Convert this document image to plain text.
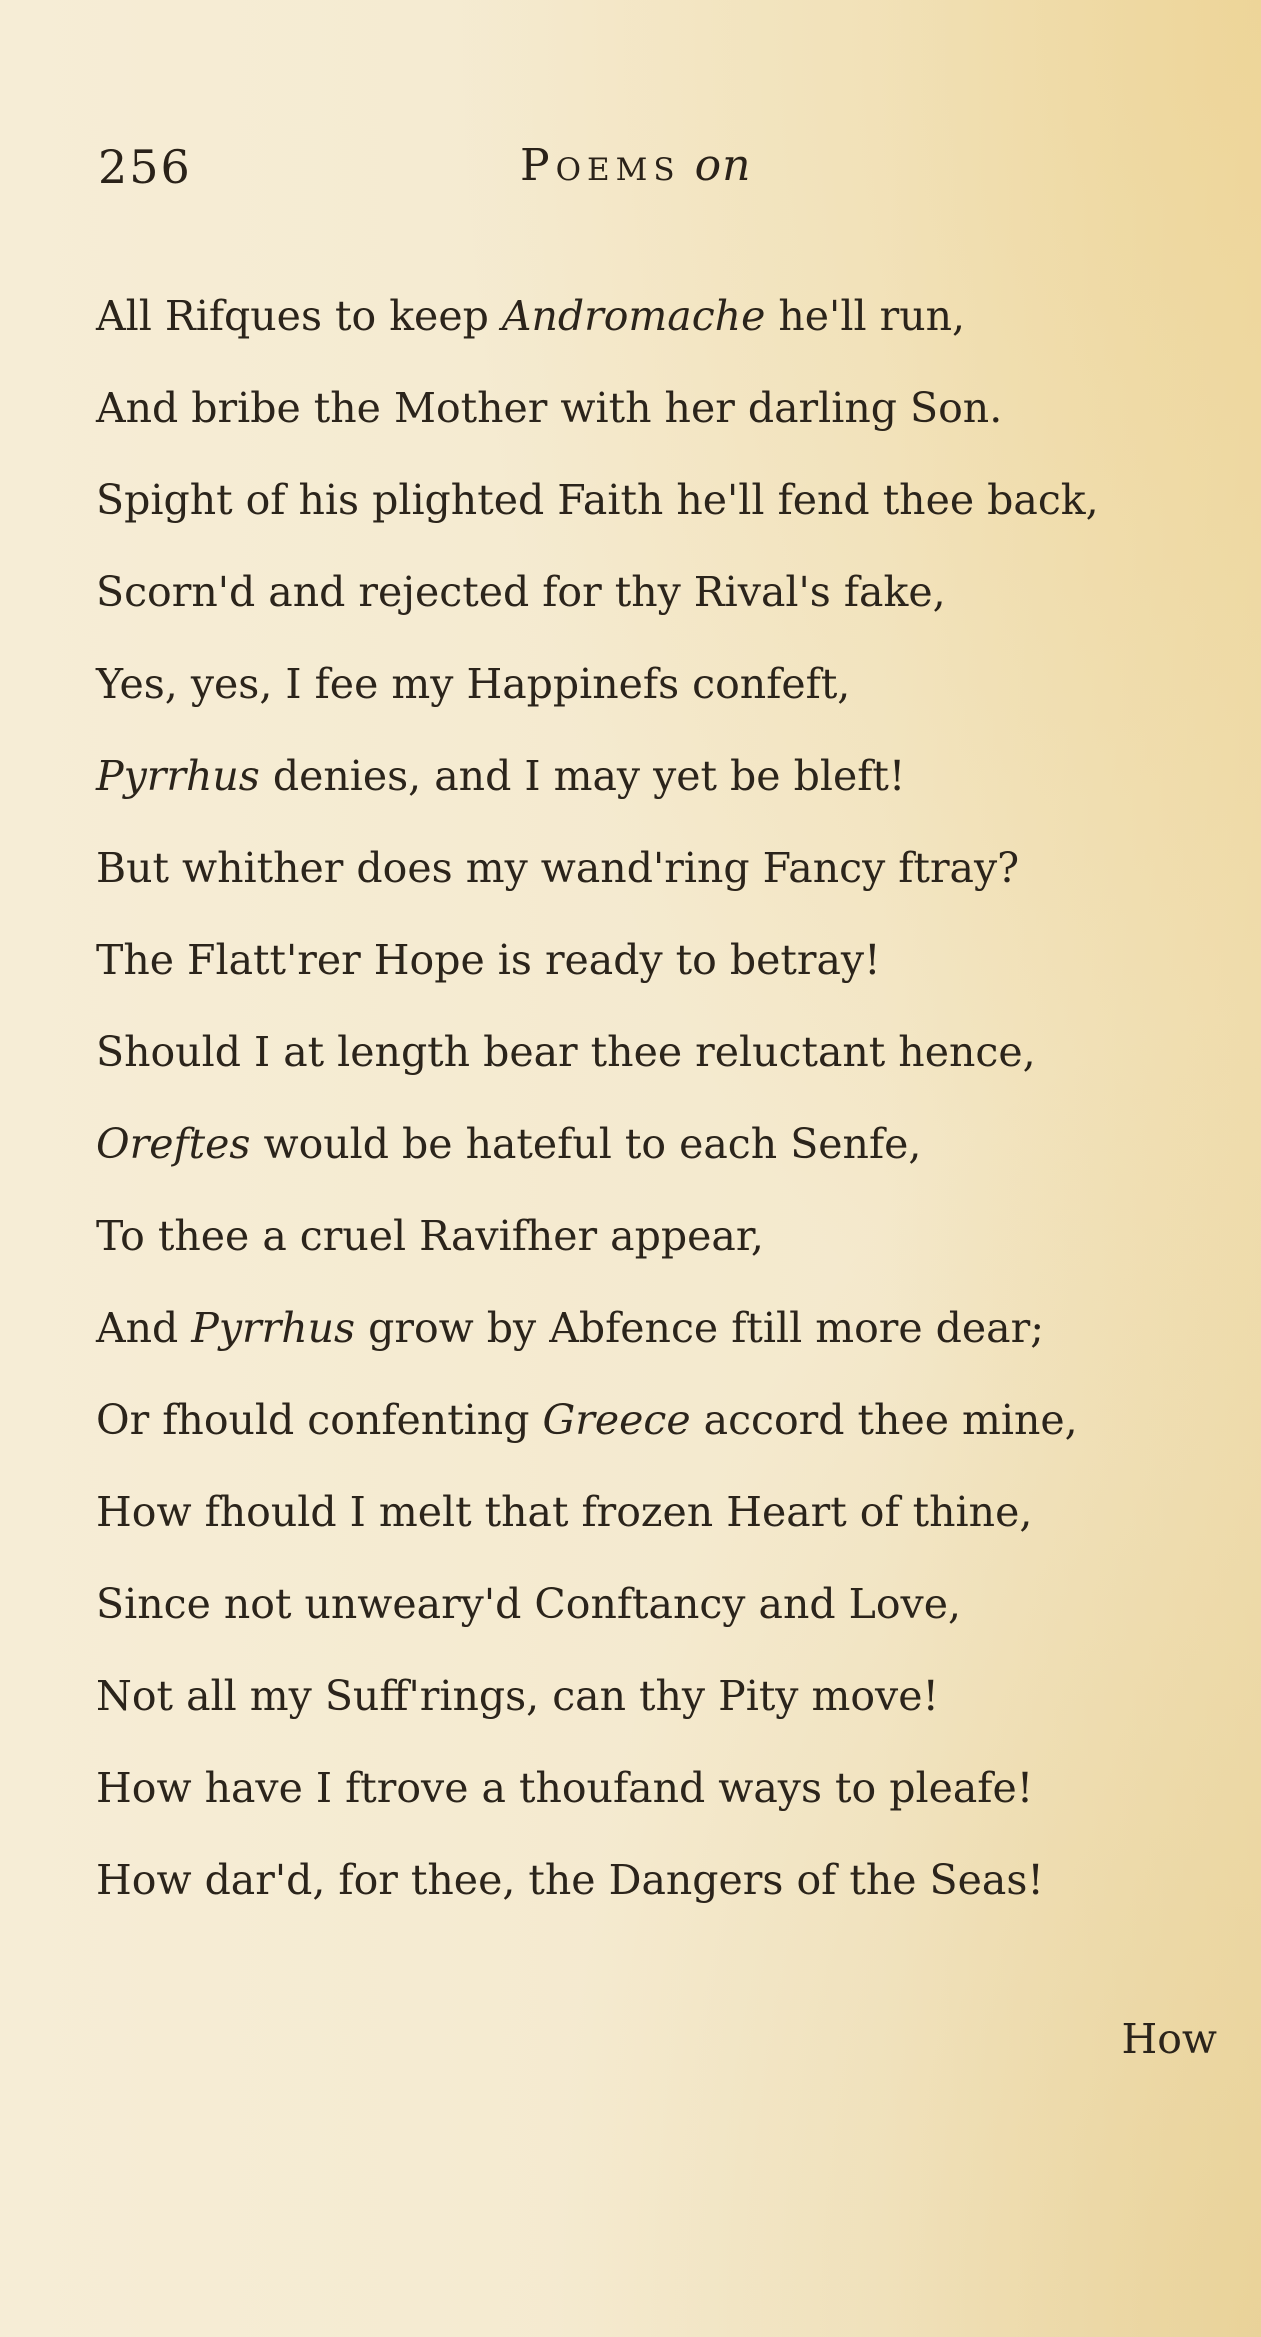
256	Poems on
All Rifques to keep Andromache he'll run,
And bribe the Mother with her darling Son.
Spight of his plighted Faith he'll fend thee back,
Scorn'd and rejected for thy Rival's fake,
Yes, yes, I fee my Happinefs confeft,
Pyrrhus denies, and I may yet be bleft!
But whither does my wand'ring Fancy ftray?
The Flatt'rer Hope is ready to betray!
Should I at length bear thee reluctant hence,
Oreftes would be hateful to each Senfe,
To thee a cruel Ravifher appear,
And Pyrrhus grow by Abfence ftill more dear;
Or fhould confenting Greece accord thee mine,
How fhould I melt that frozen Heart of thine,
Since not unweary'd Conftancy and Love,
Not all my Suff'rings, can thy Pity move!
How have I ftrove a thoufand ways to pleafe!
How dar'd, for thee, the Dangers of the Seas!
How
